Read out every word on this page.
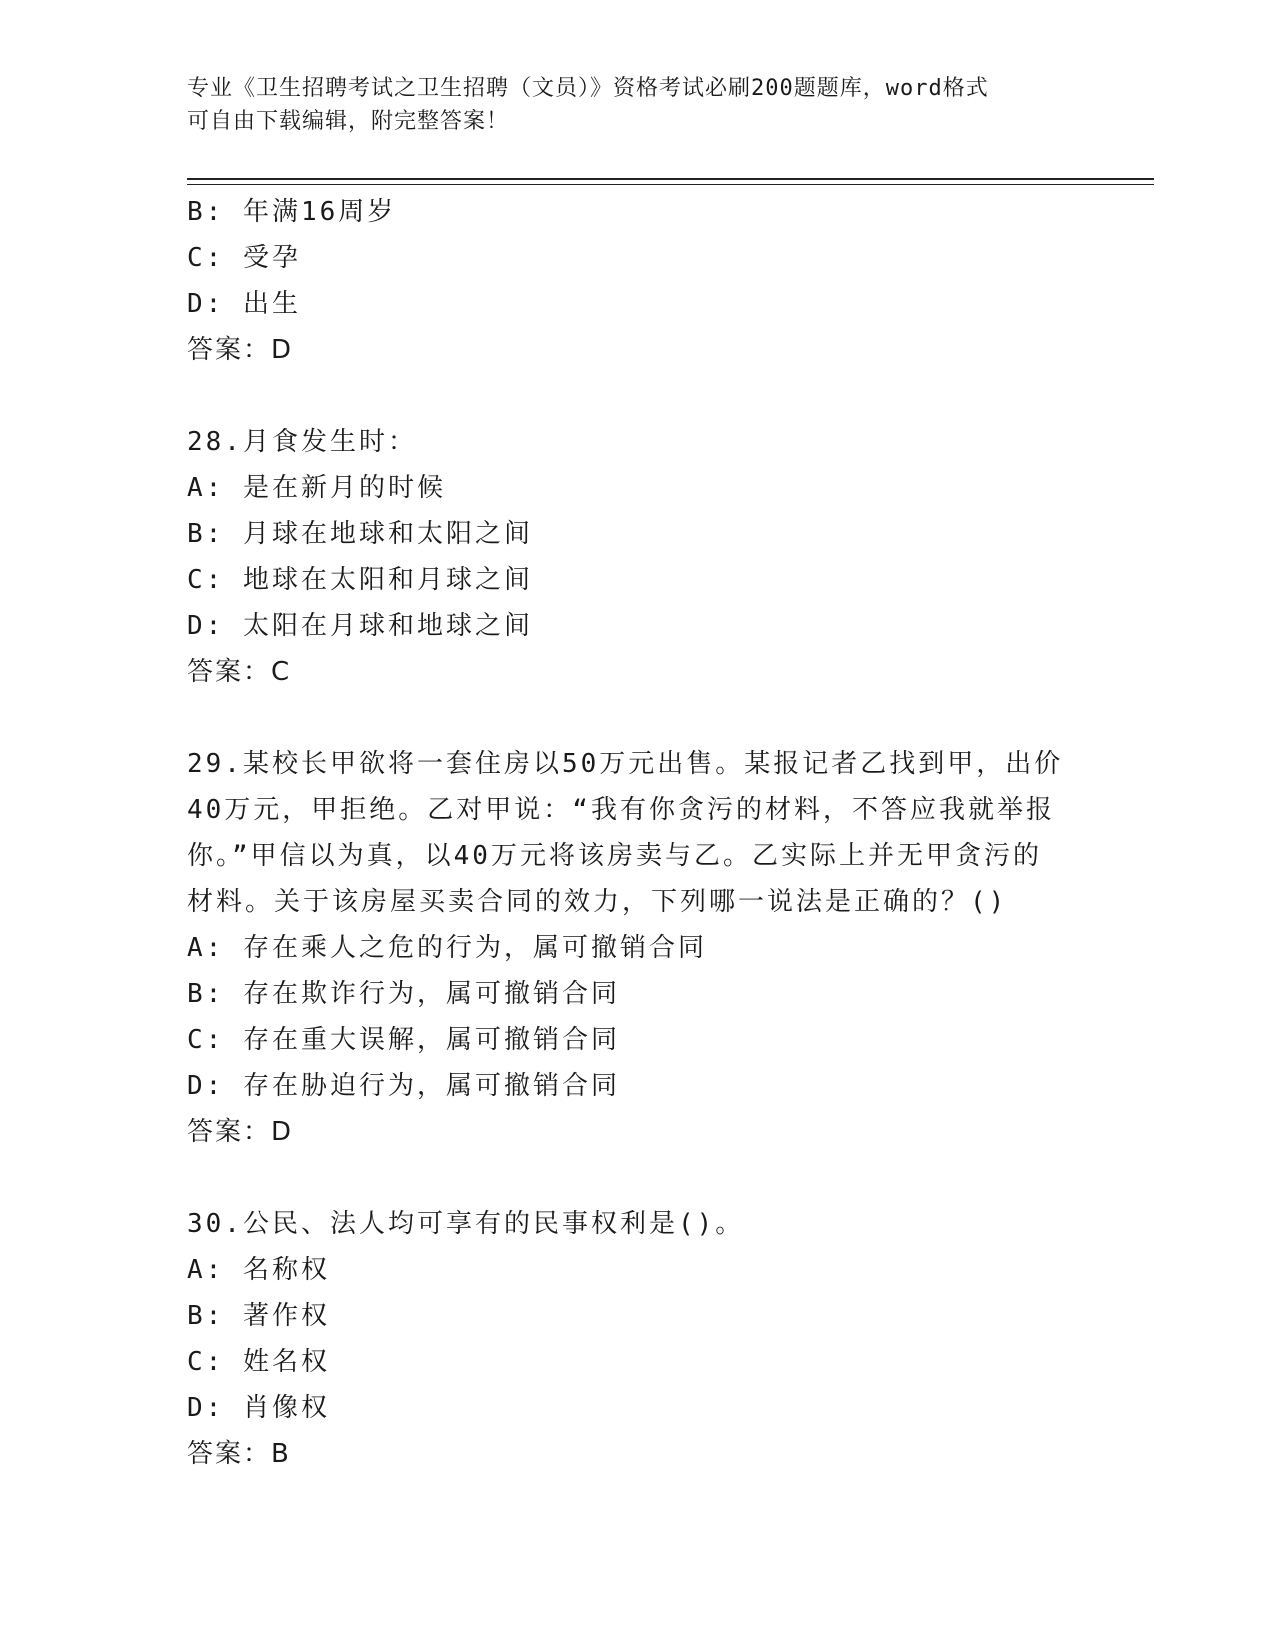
专业《卫生招聘考试之卫生招聘（文员）》资格考试必刷200题题库，word格式
可自由下载编辑，附完整答案！
B: 年满16周岁
C: 受孕
D: 出生
答案：D
28.月食发生时：
A: 是在新月的时候
B: 月球在地球和太阳之间
C: 地球在太阳和月球之间
D: 太阳在月球和地球之间
答案：C
29.某校长甲欲将一套住房以50万元出售。某报记者乙找到甲，出价
40万元，甲拒绝。乙对甲说：“我有你贪污的材料，不答应我就举报
你。”甲信以为真，以40万元将该房卖与乙。乙实际上并无甲贪污的
材料。关于该房屋买卖合同的效力，下列哪一说法是正确的？()
A: 存在乘人之危的行为，属可撤销合同
B: 存在欺诈行为，属可撤销合同
C: 存在重大误解，属可撤销合同
D: 存在胁迫行为，属可撤销合同
答案：D
30.公民、法人均可享有的民事权利是()。
A: 名称权
B: 著作权
C: 姓名权
D: 肖像权
答案：B
